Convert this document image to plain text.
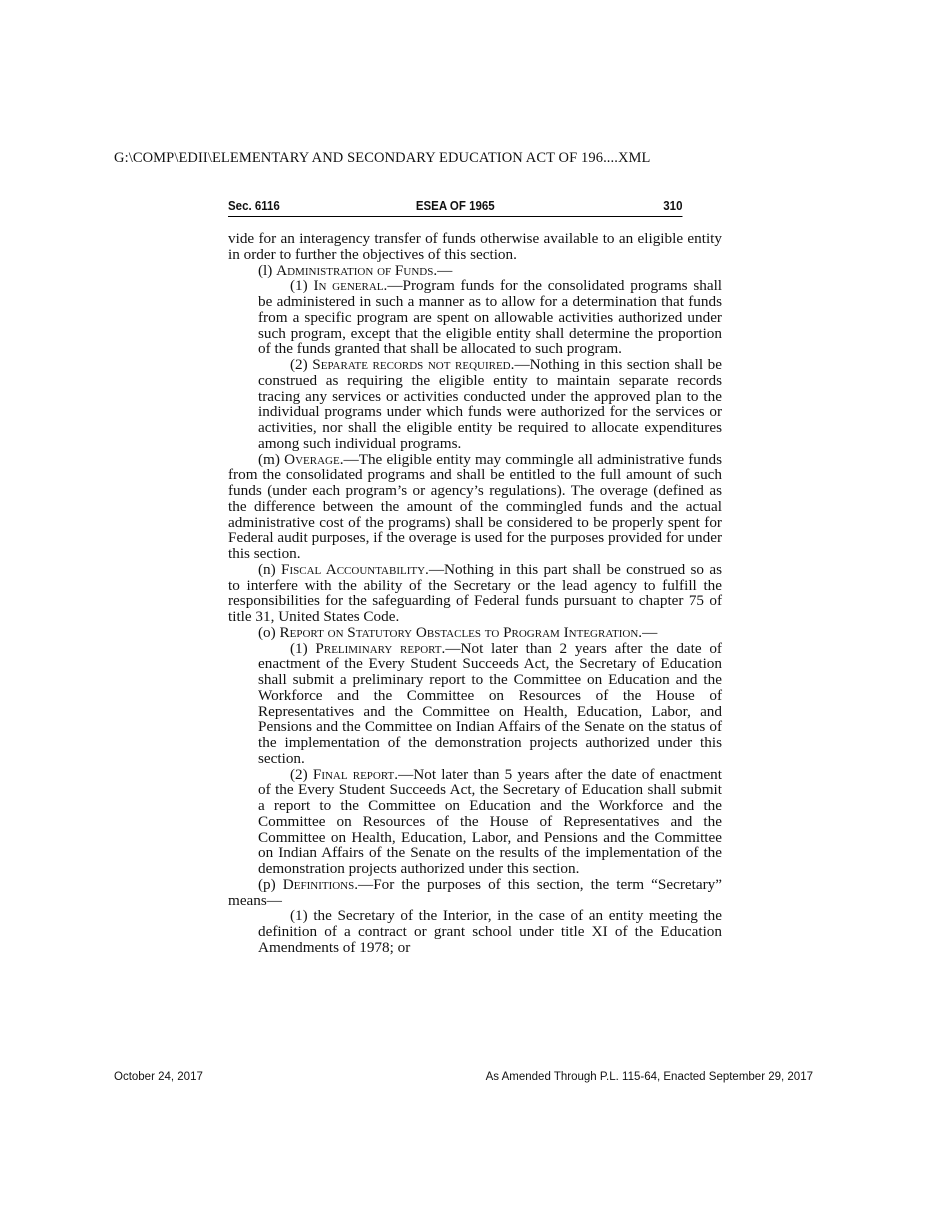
G:\COMP\EDII\ELEMENTARY AND SECONDARY EDUCATION ACT OF 196....XML
Sec. 6116	ESEA OF 1965	310

vide for an interagency transfer of funds otherwise available to an eligible entity in order to further the objectives of this section.

(l) Administration of Funds.—

(1) In general.—Program funds for the consolidated programs shall be administered in such a manner as to allow for a determination that funds from a specific program are spent on allowable activities authorized under such program, except that the eligible entity shall determine the proportion of the funds granted that shall be allocated to such program.

(2) Separate records not required.—Nothing in this section shall be construed as requiring the eligible entity to maintain separate records tracing any services or activities conducted under the approved plan to the individual programs under which funds were authorized for the services or activities, nor shall the eligible entity be required to allocate expenditures among such individual programs.

(m) Overage.—The eligible entity may commingle all administrative funds from the consolidated programs and shall be entitled to the full amount of such funds (under each program’s or agency’s regulations). The overage (defined as the difference between the amount of the commingled funds and the actual administrative cost of the programs) shall be considered to be properly spent for Federal audit purposes, if the overage is used for the purposes provided for under this section.

(n) Fiscal Accountability.—Nothing in this part shall be construed so as to interfere with the ability of the Secretary or the lead agency to fulfill the responsibilities for the safeguarding of Federal funds pursuant to chapter 75 of title 31, United States Code.

(o) Report on Statutory Obstacles to Program Integration.—

(1) Preliminary report.—Not later than 2 years after the date of enactment of the Every Student Succeeds Act, the Secretary of Education shall submit a preliminary report to the Committee on Education and the Workforce and the Committee on Resources of the House of Representatives and the Committee on Health, Education, Labor, and Pensions and the Committee on Indian Affairs of the Senate on the status of the implementation of the demonstration projects authorized under this section.

(2) Final report.—Not later than 5 years after the date of enactment of the Every Student Succeeds Act, the Secretary of Education shall submit a report to the Committee on Education and the Workforce and the Committee on Resources of the House of Representatives and the Committee on Health, Education, Labor, and Pensions and the Committee on Indian Affairs of the Senate on the results of the implementation of the demonstration projects authorized under this section.

(p) Definitions.—For the purposes of this section, the term “Secretary” means—

(1) the Secretary of the Interior, in the case of an entity meeting the definition of a contract or grant school under title XI of the Education Amendments of 1978; or

October 24, 2017	As Amended Through P.L. 115-64, Enacted September 29, 2017
